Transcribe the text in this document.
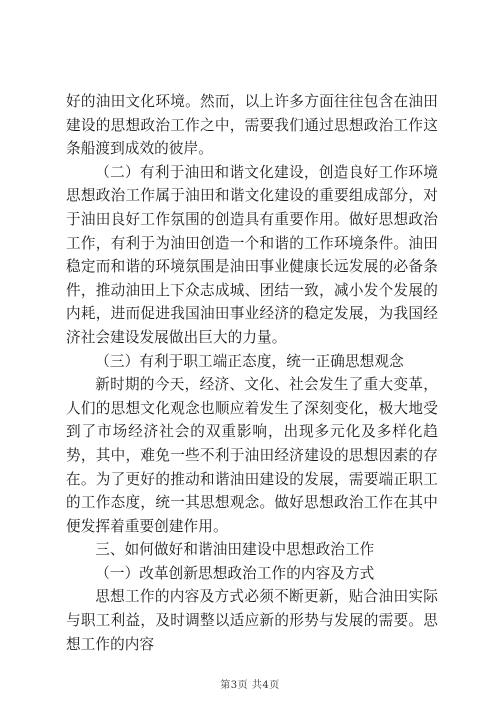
好的油田文化环境。然而，以上许多方面往往包含在油田建设的思想政治工作之中，需要我们通过思想政治工作这条船渡到成效的彼岸。

（二）有利于油田和谐文化建设，创造良好工作环境思想政治工作属于油田和谐文化建设的重要组成部分，对于油田良好工作氛围的创造具有重要作用。做好思想政治工作，有利于为油田创造一个和谐的工作环境条件。油田稳定而和谐的环境氛围是油田事业健康长远发展的必备条件，推动油田上下众志成城、团结一致，减小发个发展的内耗，进而促进我国油田事业经济的稳定发展，为我国经济社会建设发展做出巨大的力量。

（三）有利于职工端正态度，统一正确思想观念

新时期的今天，经济、文化、社会发生了重大变革，人们的思想文化观念也顺应着发生了深刻变化，极大地受到了市场经济社会的双重影响，出现多元化及多样化趋势，其中，难免一些不利于油田经济建设的思想因素的存在。为了更好的推动和谐油田建设的发展，需要端正职工的工作态度，统一其思想观念。做好思想政治工作在其中便发挥着重要创建作用。

三、如何做好和谐油田建设中思想政治工作

（一）改革创新思想政治工作的内容及方式

思想工作的内容及方式必须不断更新，贴合油田实际与职工利益，及时调整以适应新的形势与发展的需要。思想工作的内容

第3页 共4页
